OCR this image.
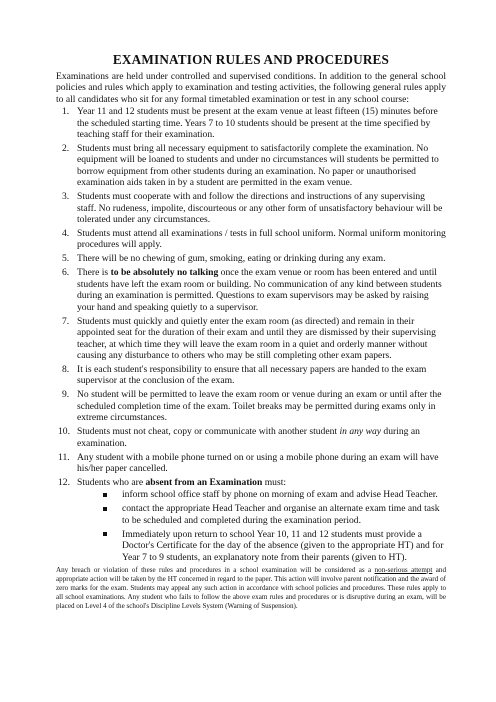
EXAMINATION RULES AND PROCEDURES

Examinations are held under controlled and supervised conditions. In addition to the general school policies and rules which apply to examination and testing activities, the following general rules apply to all candidates who sit for any formal timetabled examination or test in any school course:

1. Year 11 and 12 students must be present at the exam venue at least fifteen (15) minutes before the scheduled starting time. Years 7 to 10 students should be present at the time specified by teaching staff for their examination.
2. Students must bring all necessary equipment to satisfactorily complete the examination. No equipment will be loaned to students and under no circumstances will students be permitted to borrow equipment from other students during an examination. No paper or unauthorised examination aids taken in by a student are permitted in the exam venue.
3. Students must cooperate with and follow the directions and instructions of any supervising staff. No rudeness, impolite, discourteous or any other form of unsatisfactory behaviour will be tolerated under any circumstances.
4. Students must attend all examinations / tests in full school uniform. Normal uniform monitoring procedures will apply.
5. There will be no chewing of gum, smoking, eating or drinking during any exam.
6. There is to be absolutely no talking once the exam venue or room has been entered and until students have left the exam room or building. No communication of any kind between students during an examination is permitted. Questions to exam supervisors may be asked by raising your hand and speaking quietly to a supervisor.
7. Students must quickly and quietly enter the exam room (as directed) and remain in their appointed seat for the duration of their exam and until they are dismissed by their supervising teacher, at which time they will leave the exam room in a quiet and orderly manner without causing any disturbance to others who may be still completing other exam papers.
8. It is each student's responsibility to ensure that all necessary papers are handed to the exam supervisor at the conclusion of the exam.
9. No student will be permitted to leave the exam room or venue during an exam or until after the scheduled completion time of the exam. Toilet breaks may be permitted during exams only in extreme circumstances.
10. Students must not cheat, copy or communicate with another student in any way during an examination.
11. Any student with a mobile phone turned on or using a mobile phone during an exam will have his/her paper cancelled.
12. Students who are absent from an Examination must:
inform school office staff by phone on morning of exam and advise Head Teacher.
contact the appropriate Head Teacher and organise an alternate exam time and task to be scheduled and completed during the examination period.
Immediately upon return to school Year 10, 11 and 12 students must provide a Doctor's Certificate for the day of the absence (given to the appropriate HT) and for Year 7 to 9 students, an explanatory note from their parents (given to HT).

Any breach or violation of these rules and procedures in a school examination will be considered as a non-serious attempt and appropriate action will be taken by the HT concerned in regard to the paper. This action will involve parent notification and the award of zero marks for the exam. Students may appeal any such action in accordance with school policies and procedures. These rules apply to all school examinations. Any student who fails to follow the above exam rules and procedures or is disruptive during an exam, will be placed on Level 4 of the school's Discipline Levels System (Warning of Suspension).
